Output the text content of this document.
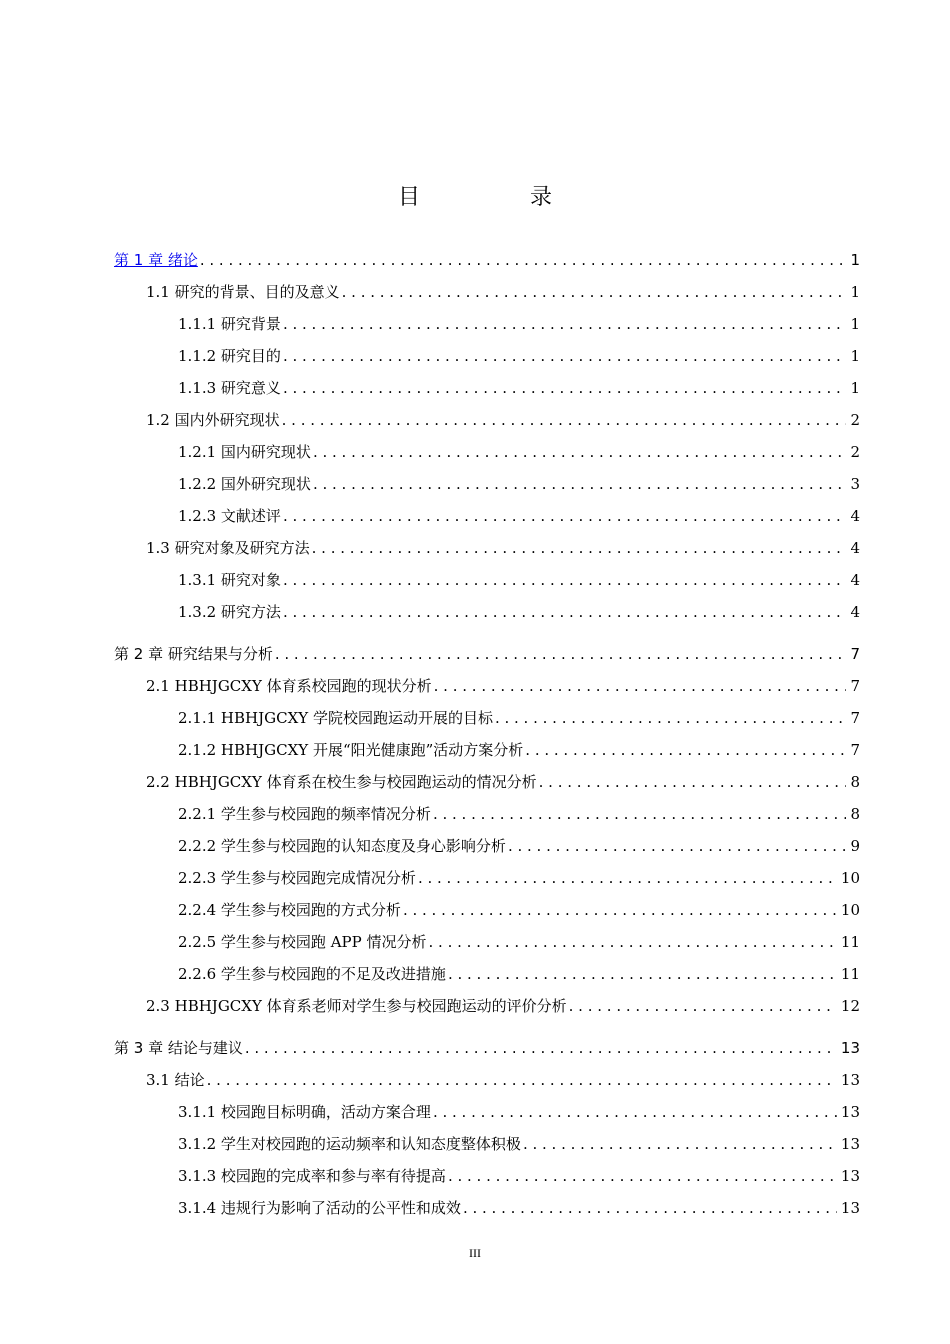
目　录
第 1 章 绪论 . . .	1
1.1 研究的背景、目的及意义 . . .	1
1.1.1 研究背景 . . .	1
1.1.2 研究目的 . . .	1
1.1.3 研究意义 . . .	1
1.2 国内外研究现状 . . .	2
1.2.1 国内研究现状 . . .	2
1.2.2 国外研究现状 . . .	3
1.2.3 文献述评 . . .	4
1.3 研究对象及研究方法 . . .	4
1.3.1 研究对象 . . .	4
1.3.2 研究方法 . . .	4
第 2 章 研究结果与分析 . . .	7
2.1 HBHJGCXY 体育系校园跑的现状分析 . . .	7
2.1.1 HBHJGCXY 学院校园跑运动开展的目标 . . .	7
2.1.2 HBHJGCXY 开展“阳光健康跑”活动方案分析 . . .	7
2.2 HBHJGCXY 体育系在校生参与校园跑运动的情况分析 . . .	8
2.2.1 学生参与校园跑的频率情况分析 . . .	8
2.2.2 学生参与校园跑的认知态度及身心影响分析 . . .	9
2.2.3 学生参与校园跑完成情况分析 . . .	10
2.2.4 学生参与校园跑的方式分析 . . .	10
2.2.5 学生参与校园跑 APP 情况分析 . . .	11
2.2.6 学生参与校园跑的不足及改进措施 . . .	11
2.3 HBHJGCXY 体育系老师对学生参与校园跑运动的评价分析 . . .	12
第 3 章 结论与建议 . . .	13
3.1 结论 . . .	13
3.1.1 校园跑目标明确，活动方案合理 . . .	13
3.1.2 学生对校园跑的运动频率和认知态度整体积极 . . .	13
3.1.3 校园跑的完成率和参与率有待提高 . . .	13
3.1.4 违规行为影响了活动的公平性和成效 . . .	13
III
